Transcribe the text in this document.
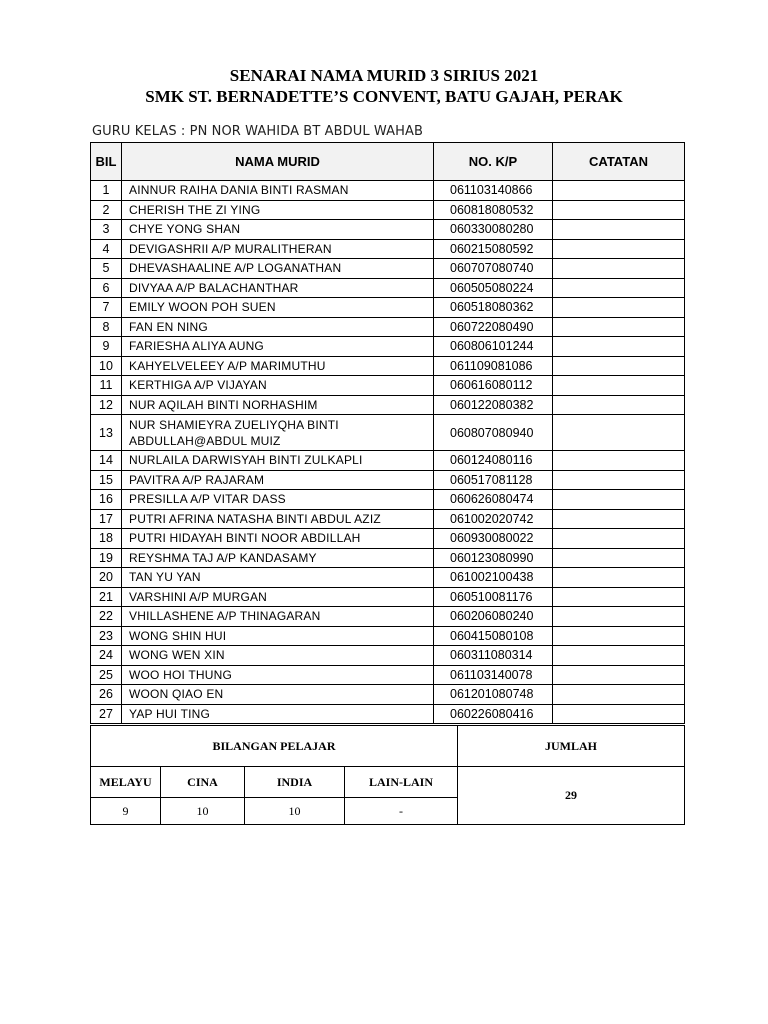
SENARAI NAMA MURID 3 SIRIUS 2021
SMK ST. BERNADETTE’S CONVENT, BATU GAJAH, PERAK
GURU KELAS : PN NOR WAHIDA BT ABDUL WAHAB
BIL	NAMA MURID	NO. K/P	CATATAN
1	AINNUR RAIHA DANIA BINTI RASMAN	061103140866	
2	CHERISH THE ZI YING	060818080532	
3	CHYE YONG SHAN	060330080280	
4	DEVIGASHRII A/P MURALITHERAN	060215080592	
5	DHEVASHAALINE A/P LOGANATHAN	060707080740	
6	DIVYAA A/P BALACHANTHAR	060505080224	
7	EMILY WOON POH SUEN	060518080362	
8	FAN EN NING	060722080490	
9	FARIESHA ALIYA AUNG	060806101244	
10	KAHYELVELEEY A/P MARIMUTHU	061109081086	
11	KERTHIGA A/P VIJAYAN	060616080112	
12	NUR AQILAH BINTI NORHASHIM	060122080382	
13	NUR SHAMIEYRA ZUELIYQHA BINTI ABDULLAH@ABDUL MUIZ	060807080940	
14	NURLAILA DARWISYAH BINTI ZULKAPLI	060124080116	
15	PAVITRA A/P RAJARAM	060517081128	
16	PRESILLA A/P VITAR DASS	060626080474	
17	PUTRI AFRINA NATASHA BINTI ABDUL AZIZ	061002020742	
18	PUTRI HIDAYAH BINTI NOOR ABDILLAH	060930080022	
19	REYSHMA TAJ A/P KANDASAMY	060123080990	
20	TAN YU YAN	061002100438	
21	VARSHINI A/P MURGAN	060510081176	
22	VHILLASHENE A/P THINAGARAN	060206080240	
23	WONG SHIN HUI	060415080108	
24	WONG WEN XIN	060311080314	
25	WOO HOI THUNG	061103140078	
26	WOON QIAO EN	061201080748	
27	YAP HUI TING	060226080416	
BILANGAN PELAJAR				JUMLAH
MELAYU	CINA	INDIA	LAIN-LAIN	29
9	10	10	-	
